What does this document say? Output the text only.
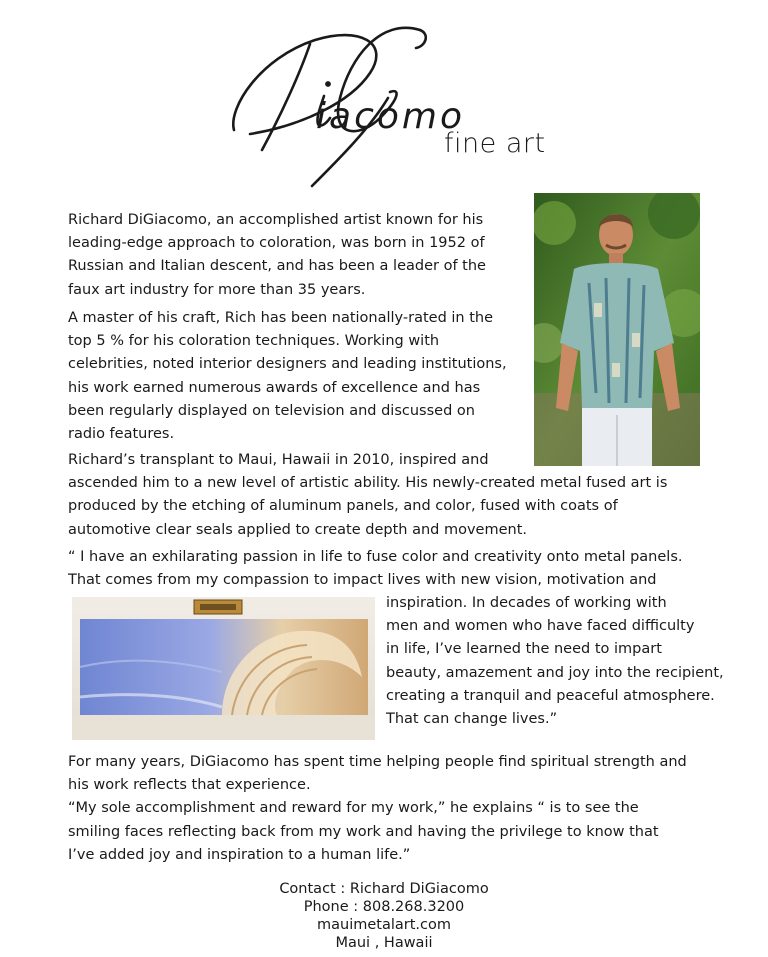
iacomo
fine art

Richard DiGiacomo, an accomplished artist known for his
leading-edge approach to coloration, was born in 1952 of
Russian and Italian descent, and has been a leader of the
faux art industry for more than 35 years.

A master of his craft, Rich has been nationally-rated in the
top 5 % for his coloration techniques. Working with
celebrities, noted interior designers and leading institutions,
his work earned numerous awards of excellence and has
been regularly displayed on television and discussed on
radio features.

Richard’s transplant to Maui, Hawaii in 2010, inspired and
ascended him to a new level of artistic ability. His newly-created metal fused art is
produced by the etching of aluminum panels, and color, fused with coats of
automotive clear seals applied to create depth and movement.

“ I have an exhilarating passion in life to fuse color and creativity onto metal panels.
That comes from my compassion to impact lives with new vision, motivation and

inspiration. In decades of working with
men and women who have faced difficulty
in life, I’ve learned the need to impart
beauty, amazement and joy into the recipient,
creating a tranquil and peaceful atmosphere.
That can change lives.”

For many years, DiGiacomo has spent time helping people find spiritual strength and
his work reflects that experience.
“My sole accomplishment and reward for my work,” he explains “ is to see the
smiling faces reflecting back from my work and having the privilege to know that
I’ve added joy and inspiration to a human life.”

Contact : Richard DiGiacomo
Phone : 808.268.3200
mauimetalart.com
Maui , Hawaii
